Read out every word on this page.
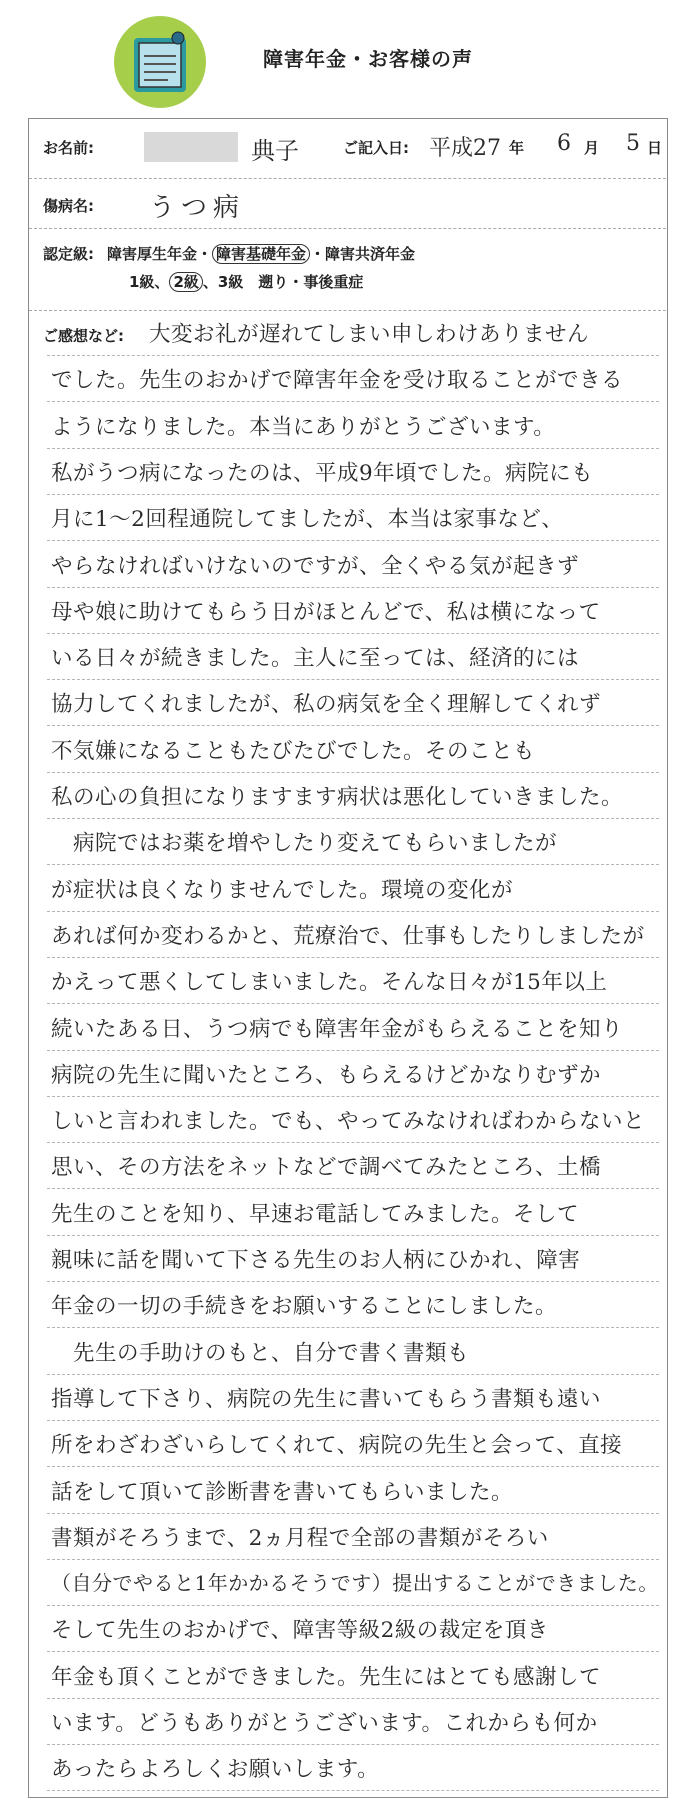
障害年金・お客様の声
お名前:	典子	ご記入日: 平成27 年 6 月 5 日
傷病名: うつ病
認定級: 障害厚生年金・ 障害基礎年金 ・障害共済年金
1級、 2級 、3級　遡り・事後重症
ご感想など: 大変お礼が遅れてしまい申しわけありません
でした。先生のおかげで障害年金を受け取ることができる
ようになりました。本当にありがとうございます。
私がうつ病になったのは、平成9年頃でした。病院にも
月に1〜2回程通院してましたが、本当は家事など、
やらなければいけないのですが、全くやる気が起きず
母や娘に助けてもらう日がほとんどで、私は横になって
いる日々が続きました。主人に至っては、経済的には
協力してくれましたが、私の病気を全く理解してくれず
不気嫌になることもたびたびでした。そのことも
私の心の負担になりますます病状は悪化していきました。
　病院ではお薬を増やしたり変えてもらいましたが
が症状は良くなりませんでした。環境の変化が
あれば何か変わるかと、荒療治で、仕事もしたりしましたが
かえって悪くしてしまいました。そんな日々が15年以上
続いたある日、うつ病でも障害年金がもらえることを知り
病院の先生に聞いたところ、もらえるけどかなりむずか
しいと言われました。でも、やってみなければわからないと
思い、その方法をネットなどで調べてみたところ、土橋
先生のことを知り、早速お電話してみました。そして
親味に話を聞いて下さる先生のお人柄にひかれ、障害
年金の一切の手続きをお願いすることにしました。
　先生の手助けのもと、自分で書く書類も
指導して下さり、病院の先生に書いてもらう書類も遠い
所をわざわざいらしてくれて、病院の先生と会って、直接
話をして頂いて診断書を書いてもらいました。
書類がそろうまで、2ヵ月程で全部の書類がそろい
（自分でやると1年かかるそうです）提出することができました。
そして先生のおかげで、障害等級2級の裁定を頂き
年金も頂くことができました。先生にはとても感謝して
います。どうもありがとうございます。これからも何か
あったらよろしくお願いします。
